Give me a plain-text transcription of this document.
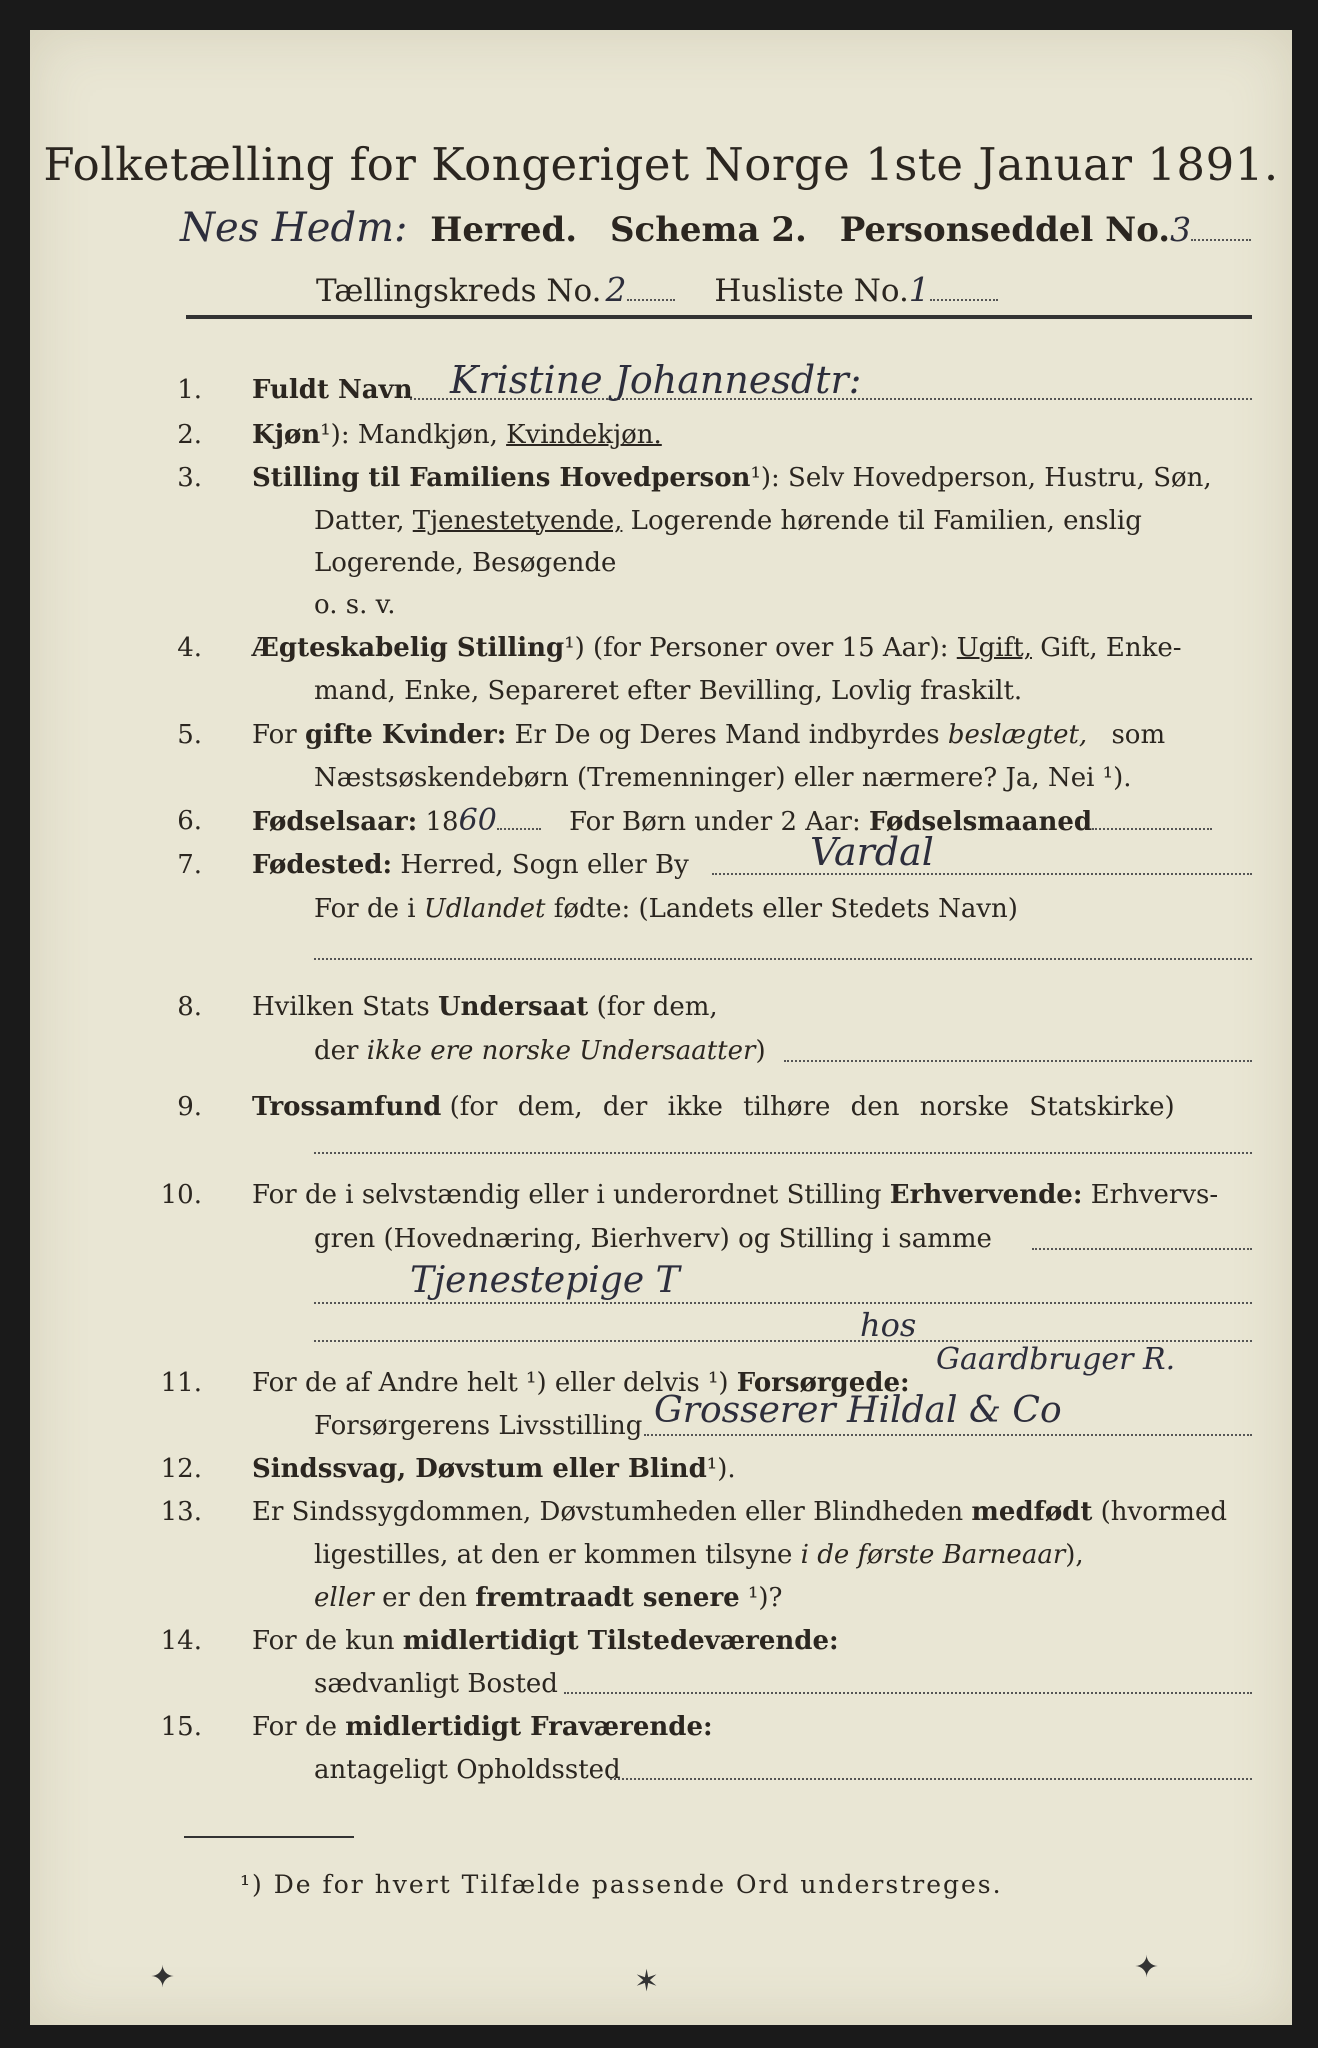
Folketælling for Kongeriget Norge 1ste Januar 1891.
Nes Hedm: Herred. Schema 2. Personseddel No.3
Tællingskreds No. 2	Husliste No.1
1. Fuldt Navn Kristine Johannesdtr:
2. Kjøn¹): Mandkjøn, Kvindekjøn.
3. Stilling til Familiens Hovedperson¹): Selv Hovedperson, Hustru, Søn,
Datter, Tjenestetyende, Logerende hørende til Familien, enslig
Logerende, Besøgende
o. s. v.
4. Ægteskabelig Stilling¹) (for Personer over 15 Aar): Ugift, Gift, Enke-
mand, Enke, Separeret efter Bevilling, Lovlig fraskilt.
5. For gifte Kvinder: Er De og Deres Mand indbyrdes beslægtet, som
Næstsøskendebørn (Tremenninger) eller nærmere? Ja, Nei ¹).
6. Fødselsaar: 1860	For Børn under 2 Aar: Fødselsmaaned
7. Fødested: Herred, Sogn eller By	Vardal
For de i Udlandet fødte: (Landets eller Stedets Navn)
8. Hvilken Stats Undersaat (for dem,
der ikke ere norske Undersaatter)
9. Trossamfund (for dem, der ikke tilhøre den norske Statskirke)
10. For de i selvstændig eller i underordnet Stilling Erhvervende: Erhvervs-
gren (Hovednæring, Bierhverv) og Stilling i samme
Tjenestepige T
hos
11. For de af Andre helt ¹) eller delvis ¹) Forsørgede:
Gaardbruger R.
Forsørgerens Livsstilling Grosserer Hildal & Co
12. Sindssvag, Døvstum eller Blind¹).
13. Er Sindssygdommen, Døvstumheden eller Blindheden medfødt (hvormed
ligestilles, at den er kommen tilsyne i de første Barneaar),
eller er den fremtraadt senere ¹)?
14. For de kun midlertidigt Tilstedeværende:
sædvanligt Bosted
15. For de midlertidigt Fraværende:
antageligt Opholdssted
¹) De for hvert Tilfælde passende Ord understreges.
✦	✶	✦
